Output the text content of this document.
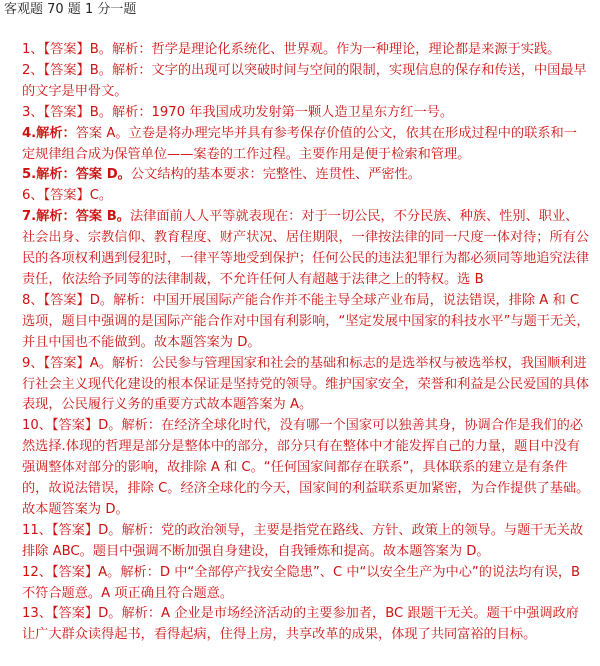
客观题 70 题 1 分一题

1、【答案】B。解析：哲学是理论化系统化、世界观。作为一种理论，理论都是来源于实践。

2、【答案】B。解析：文字的出现可以突破时间与空间的限制，实现信息的保存和传送，中国最早的文字是甲骨文。

3、【答案】B。解析：1970 年我国成功发射第一颗人造卫星东方红一号。

4.解析：答案 A。立卷是将办理完毕并具有参考保存价值的公文，依其在形成过程中的联系和一定规律组合成为保管单位——案卷的工作过程。主要作用是便于检索和管理。

5.解析：答案 D。公文结构的基本要求：完整性、连贯性、严密性。

6、【答案】C。

7.解析：答案 B。法律面前人人平等就表现在：对于一切公民，不分民族、种族、性别、职业、社会出身、宗教信仰、教育程度、财产状况、居住期限，一律按法律的同一尺度一体对待；所有公民的各项权利遇到侵犯时，一律平等地受到保护；任何公民的违法犯罪行为都必须同等地追究法律责任，依法给予同等的法律制裁，不允许任何人有超越于法律之上的特权。选 B

8、【答案】D。解析：中国开展国际产能合作并不能主导全球产业布局，说法错误，排除 A 和 C 选项，题目中强调的是国际产能合作对中国有利影响，“坚定发展中国家的科技水平”与题干无关，并且中国也不能做到。故本题答案为 D。

9、【答案】A。解析：公民参与管理国家和社会的基础和标志的是选举权与被选举权，我国顺利进行社会主义现代化建设的根本保证是坚持党的领导。维护国家安全，荣誉和利益是公民爱国的具体表现，公民履行义务的重要方式故本题答案为 A。

10、【答案】D。解析：在经济全球化时代，没有哪一个国家可以独善其身，协调合作是我们的必然选择.体现的哲理是部分是整体中的部分，部分只有在整体中才能发挥自己的力量，题目中没有强调整体对部分的影响，故排除 A 和 C。“任何国家间都存在联系”，具体联系的建立是有条件的，故说法错误，排除 C。经济全球化的今天，国家间的利益联系更加紧密，为合作提供了基础。故本题答案为 D。

11、【答案】D。解析：党的政治领导，主要是指党在路线、方针、政策上的领导。与题干无关故排除 ABC。题目中强调不断加强自身建设，自我锤炼和提高。故本题答案为 D。

12、【答案】A。解析：D 中“全部停产找安全隐患”、C 中“以安全生产为中心”的说法均有误，B 不符合题意。A 项正确且符合题意。

13、【答案】D。解析：A 企业是市场经济活动的主要参加者，BC 跟题干无关。题干中强调政府让广大群众读得起书，看得起病，住得上房，共享改革的成果，体现了共同富裕的目标。
